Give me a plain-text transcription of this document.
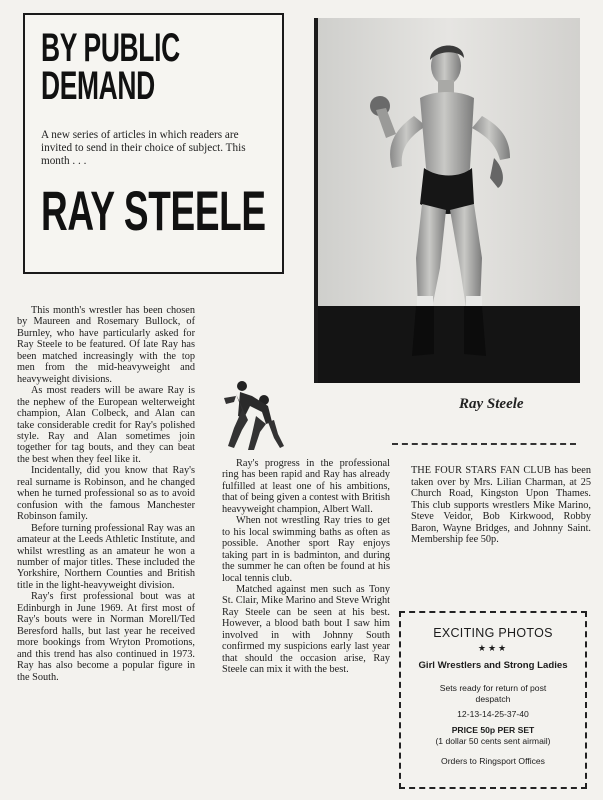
BY PUBLIC
DEMAND

A new series of articles in which readers are invited to send in their choice of subject. This month . . .

RAY STEELE

Ray Steele

This month's wrestler has been chosen by Maureen and Rosemary Bullock, of Burnley, who have particularly asked for Ray Steele to be featured. Of late Ray has been matched increasingly with the top men from the mid-heavyweight and heavyweight divisions.

As most readers will be aware Ray is the nephew of the European welterweight champion, Alan Colbeck, and Alan can take considerable credit for Ray's polished style. Ray and Alan sometimes join together for tag bouts, and they can beat the best when they feel like it.

Incidentally, did you know that Ray's real surname is Robinson, and he changed when he turned professional so as to avoid confusion with the famous Manchester Robinson family.

Before turning professional Ray was an amateur at the Leeds Athletic Institute, and whilst wrestling as an amateur he won a number of major titles. These included the Yorkshire, Northern Counties and British title in the light-heavyweight division.

Ray's first professional bout was at Edinburgh in June 1969. At first most of Ray's bouts were in Norman Morell/Ted Beresford halls, but last year he received more bookings from Wryton Promotions, and this trend has also continued in 1973. Ray has also become a popular figure in the South.

Ray's progress in the professional ring has been rapid and Ray has already fulfilled at least one of his ambitions, that of being given a contest with British heavyweight champion, Albert Wall.

When not wrestling Ray tries to get to his local swimming baths as often as possible. Another sport Ray enjoys taking part in is badminton, and during the summer he can often be found at his local tennis club.

Matched against men such as Tony St. Clair, Mike Marino and Steve Wright Ray Steele can be seen at his best. However, a blood bath bout I saw him involved in with Johnny South confirmed my suspicions early last year that should the occasion arise, Ray Steele can mix it with the best.

THE FOUR STARS FAN CLUB has been taken over by Mrs. Lilian Charman, at 25 Church Road, Kingston Upon Thames. This club supports wrestlers Mike Marino, Steve Veidor, Bob Kirkwood, Robby Baron, Wayne Bridges, and Johnny Saint. Membership fee 50p.

EXCITING PHOTOS
★★★
Girl Wrestlers and Strong Ladies
Sets ready for return of post
despatch
12-13-14-25-37-40
PRICE 50p PER SET
(1 dollar 50 cents sent airmail)
Orders to Ringsport Offices
